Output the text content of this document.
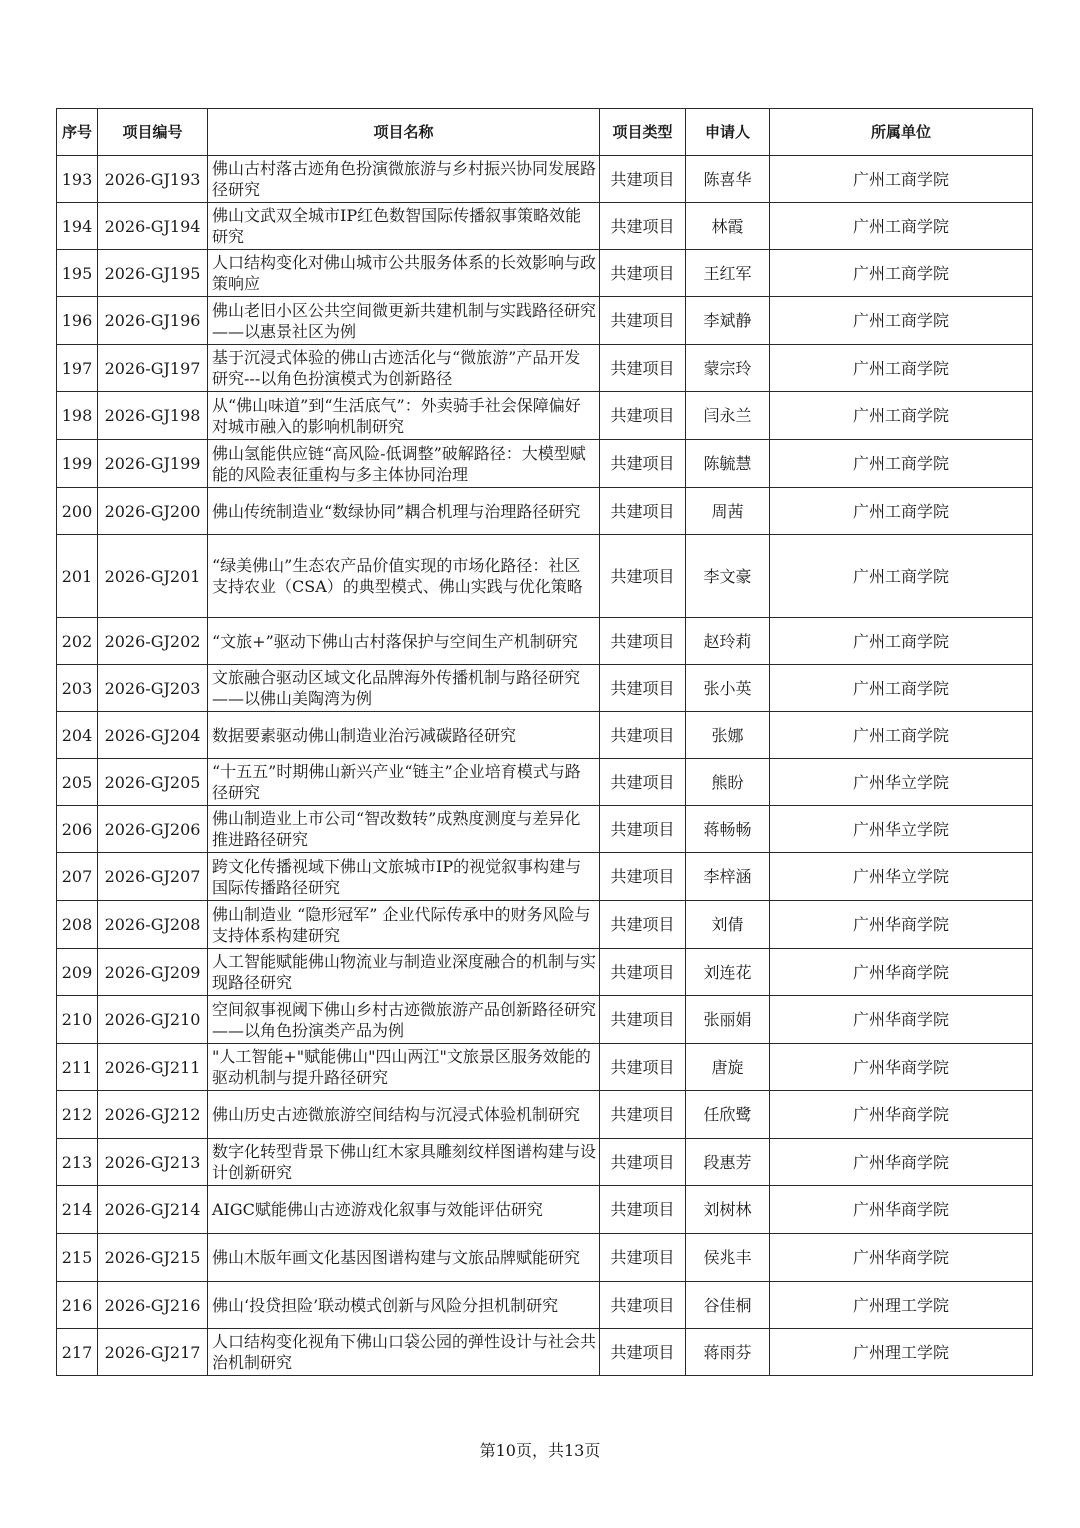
序号	项目编号	项目名称	项目类型	申请人	所属单位
193	2026-GJ193	佛山古村落古迹角色扮演微旅游与乡村振兴协同发展路径研究	共建项目	陈喜华	广州工商学院
194	2026-GJ194	佛山文武双全城市IP红色数智国际传播叙事策略效能研究	共建项目	林霞	广州工商学院
195	2026-GJ195	人口结构变化对佛山城市公共服务体系的长效影响与政策响应	共建项目	王红军	广州工商学院
196	2026-GJ196	佛山老旧小区公共空间微更新共建机制与实践路径研究——以惠景社区为例	共建项目	李斌静	广州工商学院
197	2026-GJ197	基于沉浸式体验的佛山古迹活化与“微旅游”产品开发研究---以角色扮演模式为创新路径	共建项目	蒙宗玲	广州工商学院
198	2026-GJ198	从“佛山味道”到“生活底气”：外卖骑手社会保障偏好对城市融入的影响机制研究	共建项目	闫永兰	广州工商学院
199	2026-GJ199	佛山氢能供应链“高风险-低调整”破解路径：大模型赋能的风险表征重构与多主体协同治理	共建项目	陈毓慧	广州工商学院
200	2026-GJ200	佛山传统制造业“数绿协同”耦合机理与治理路径研究	共建项目	周茜	广州工商学院
201	2026-GJ201	“绿美佛山”生态农产品价值实现的市场化路径：社区支持农业（CSA）的典型模式、佛山实践与优化策略	共建项目	李文豪	广州工商学院
202	2026-GJ202	“文旅+”驱动下佛山古村落保护与空间生产机制研究	共建项目	赵玲莉	广州工商学院
203	2026-GJ203	文旅融合驱动区域文化品牌海外传播机制与路径研究——以佛山美陶湾为例	共建项目	张小英	广州工商学院
204	2026-GJ204	数据要素驱动佛山制造业治污减碳路径研究	共建项目	张娜	广州工商学院
205	2026-GJ205	“十五五”时期佛山新兴产业“链主”企业培育模式与路径研究	共建项目	熊盼	广州华立学院
206	2026-GJ206	佛山制造业上市公司“智改数转”成熟度测度与差异化推进路径研究	共建项目	蒋畅畅	广州华立学院
207	2026-GJ207	跨文化传播视域下佛山文旅城市IP的视觉叙事构建与国际传播路径研究	共建项目	李梓涵	广州华立学院
208	2026-GJ208	佛山制造业 “隐形冠军” 企业代际传承中的财务风险与支持体系构建研究	共建项目	刘倩	广州华商学院
209	2026-GJ209	人工智能赋能佛山物流业与制造业深度融合的机制与实现路径研究	共建项目	刘连花	广州华商学院
210	2026-GJ210	空间叙事视阈下佛山乡村古迹微旅游产品创新路径研究——以角色扮演类产品为例	共建项目	张丽娟	广州华商学院
211	2026-GJ211	"人工智能+"赋能佛山"四山两江"文旅景区服务效能的驱动机制与提升路径研究	共建项目	唐旋	广州华商学院
212	2026-GJ212	佛山历史古迹微旅游空间结构与沉浸式体验机制研究	共建项目	任欣鹭	广州华商学院
213	2026-GJ213	数字化转型背景下佛山红木家具雕刻纹样图谱构建与设计创新研究	共建项目	段惠芳	广州华商学院
214	2026-GJ214	AIGC赋能佛山古迹游戏化叙事与效能评估研究	共建项目	刘树林	广州华商学院
215	2026-GJ215	佛山木版年画文化基因图谱构建与文旅品牌赋能研究	共建项目	侯兆丰	广州华商学院
216	2026-GJ216	佛山‘投贷担险’联动模式创新与风险分担机制研究	共建项目	谷佳桐	广州理工学院
217	2026-GJ217	人口结构变化视角下佛山口袋公园的弹性设计与社会共治机制研究	共建项目	蒋雨芬	广州理工学院
第10页，共13页
